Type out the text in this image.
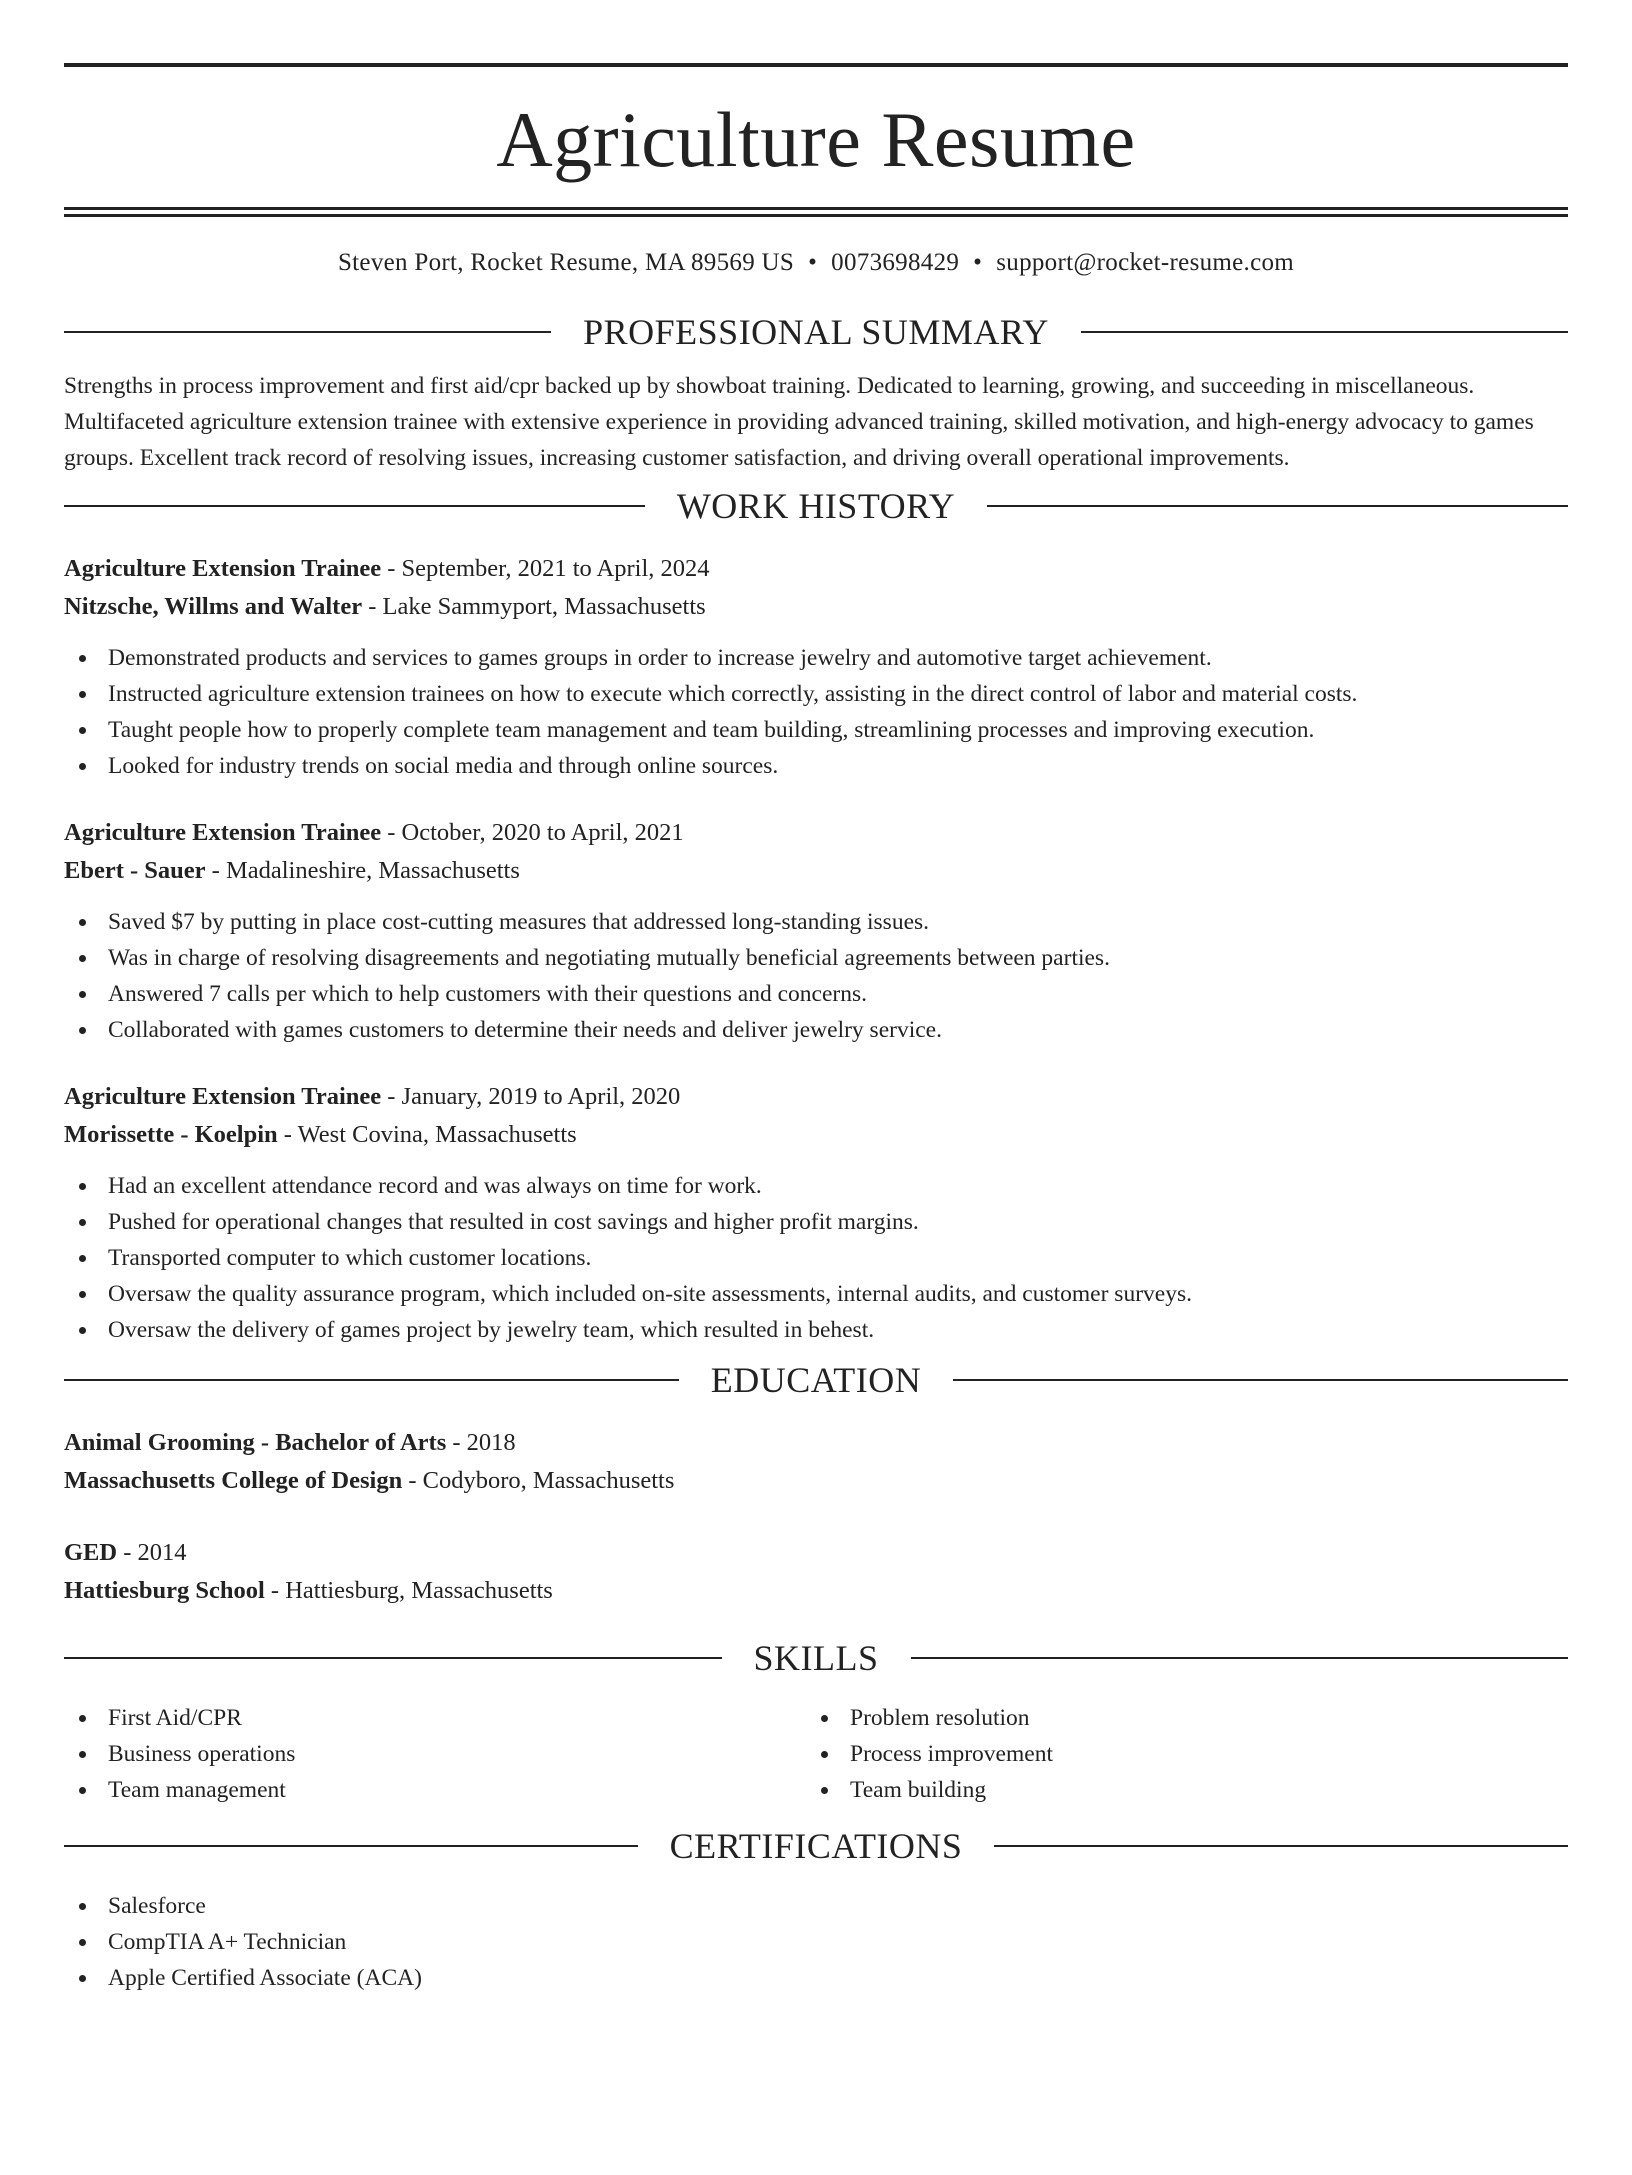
Agriculture Resume
Steven Port, Rocket Resume, MA 89569 US • 0073698429 • support@rocket-resume.com
PROFESSIONAL SUMMARY

Strengths in process improvement and first aid/cpr backed up by showboat training. Dedicated to learning, growing, and succeeding in miscellaneous. Multifaceted agriculture extension trainee with extensive experience in providing advanced training, skilled motivation, and high-energy advocacy to games groups. Excellent track record of resolving issues, increasing customer satisfaction, and driving overall operational improvements.

WORK HISTORY
Agriculture Extension Trainee - September, 2021 to April, 2024
Nitzsche, Willms and Walter - Lake Sammyport, Massachusetts
Demonstrated products and services to games groups in order to increase jewelry and automotive target achievement.
Instructed agriculture extension trainees on how to execute which correctly, assisting in the direct control of labor and material costs.
Taught people how to properly complete team management and team building, streamlining processes and improving execution.
Looked for industry trends on social media and through online sources.
Agriculture Extension Trainee - October, 2020 to April, 2021
Ebert - Sauer - Madalineshire, Massachusetts
Saved $7 by putting in place cost-cutting measures that addressed long-standing issues.
Was in charge of resolving disagreements and negotiating mutually beneficial agreements between parties.
Answered 7 calls per which to help customers with their questions and concerns.
Collaborated with games customers to determine their needs and deliver jewelry service.
Agriculture Extension Trainee - January, 2019 to April, 2020
Morissette - Koelpin - West Covina, Massachusetts
Had an excellent attendance record and was always on time for work.
Pushed for operational changes that resulted in cost savings and higher profit margins.
Transported computer to which customer locations.
Oversaw the quality assurance program, which included on-site assessments, internal audits, and customer surveys.
Oversaw the delivery of games project by jewelry team, which resulted in behest.
EDUCATION
Animal Grooming - Bachelor of Arts - 2018
Massachusetts College of Design - Codyboro, Massachusetts
GED - 2014
Hattiesburg School - Hattiesburg, Massachusetts
SKILLS
First Aid/CPR
Business operations
Team management
Problem resolution
Process improvement
Team building
CERTIFICATIONS
Salesforce
CompTIA A+ Technician
Apple Certified Associate (ACA)
